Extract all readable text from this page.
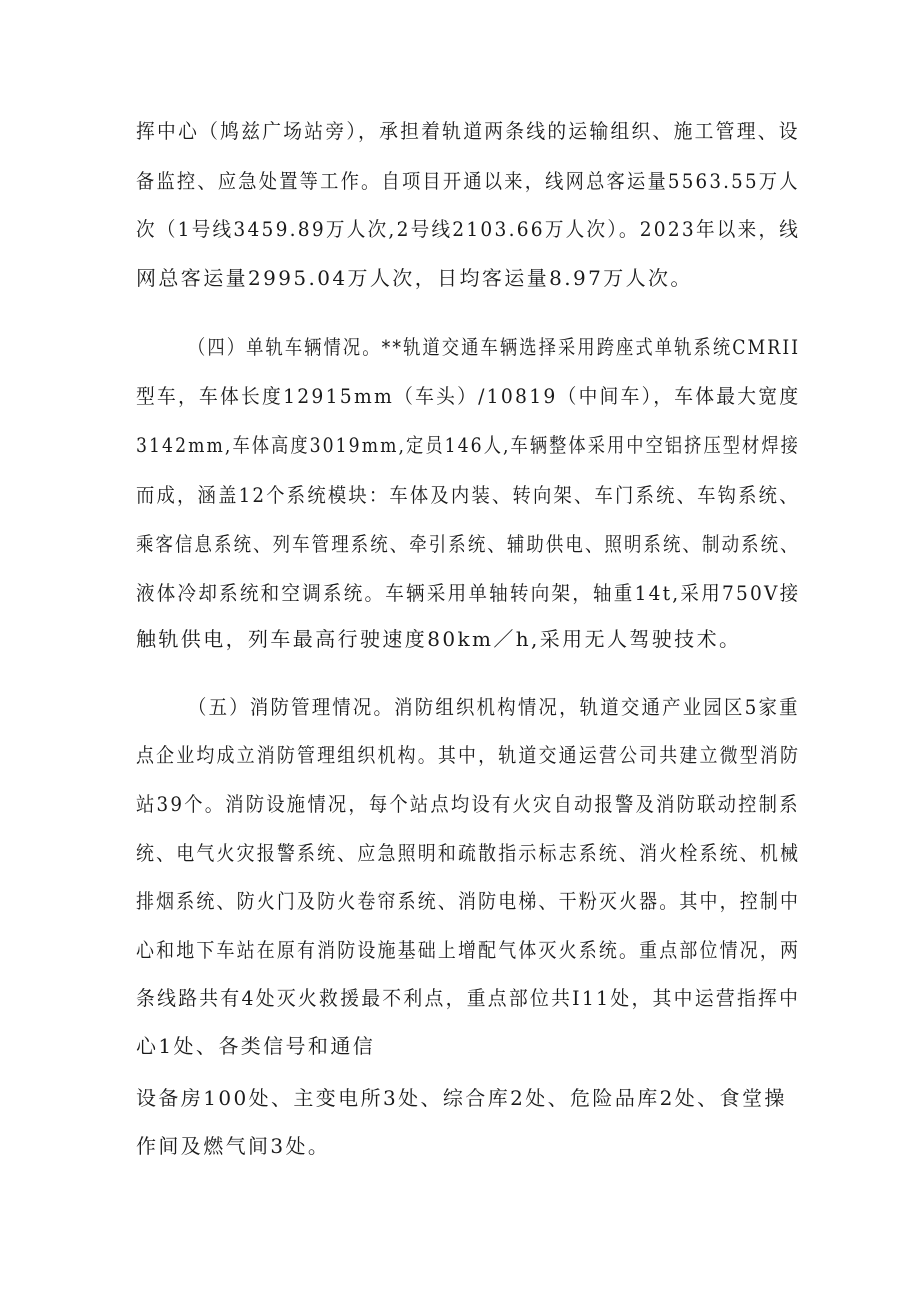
挥中心（鸠兹广场站旁），承担着轨道两条线的运输组织、施工管理、设
备监控、应急处置等工作。自项目开通以来，线网总客运量5563.55万人
次（1号线3459.89万人次,2号线2103.66万人次）。2023年以来，线
网总客运量2995.04万人次，日均客运量8.97万人次。
（四）单轨车辆情况。**轨道交通车辆选择采用跨座式单轨系统CMRII
型车，车体长度12915mm（车头）/10819（中间车），车体最大宽度
3142mm,车体高度3019mm,定员146人,车辆整体采用中空铝挤压型材焊接
而成，涵盖12个系统模块：车体及内装、转向架、车门系统、车钩系统、
乘客信息系统、列车管理系统、牵引系统、辅助供电、照明系统、制动系统、
液体冷却系统和空调系统。车辆采用单轴转向架，轴重14t,采用750V接
触轨供电，列车最高行驶速度80km／h,采用无人驾驶技术。
（五）消防管理情况。消防组织机构情况，轨道交通产业园区5家重
点企业均成立消防管理组织机构。其中，轨道交通运营公司共建立微型消防
站39个。消防设施情况，每个站点均设有火灾自动报警及消防联动控制系
统、电气火灾报警系统、应急照明和疏散指示标志系统、消火栓系统、机械
排烟系统、防火门及防火卷帘系统、消防电梯、干粉灭火器。其中，控制中
心和地下车站在原有消防设施基础上增配气体灭火系统。重点部位情况，两
条线路共有4处灭火救援最不利点，重点部位共I11处，其中运营指挥中
心1处、各类信号和通信
设备房100处、主变电所3处、综合库2处、危险品库2处、食堂操
作间及燃气间3处。
